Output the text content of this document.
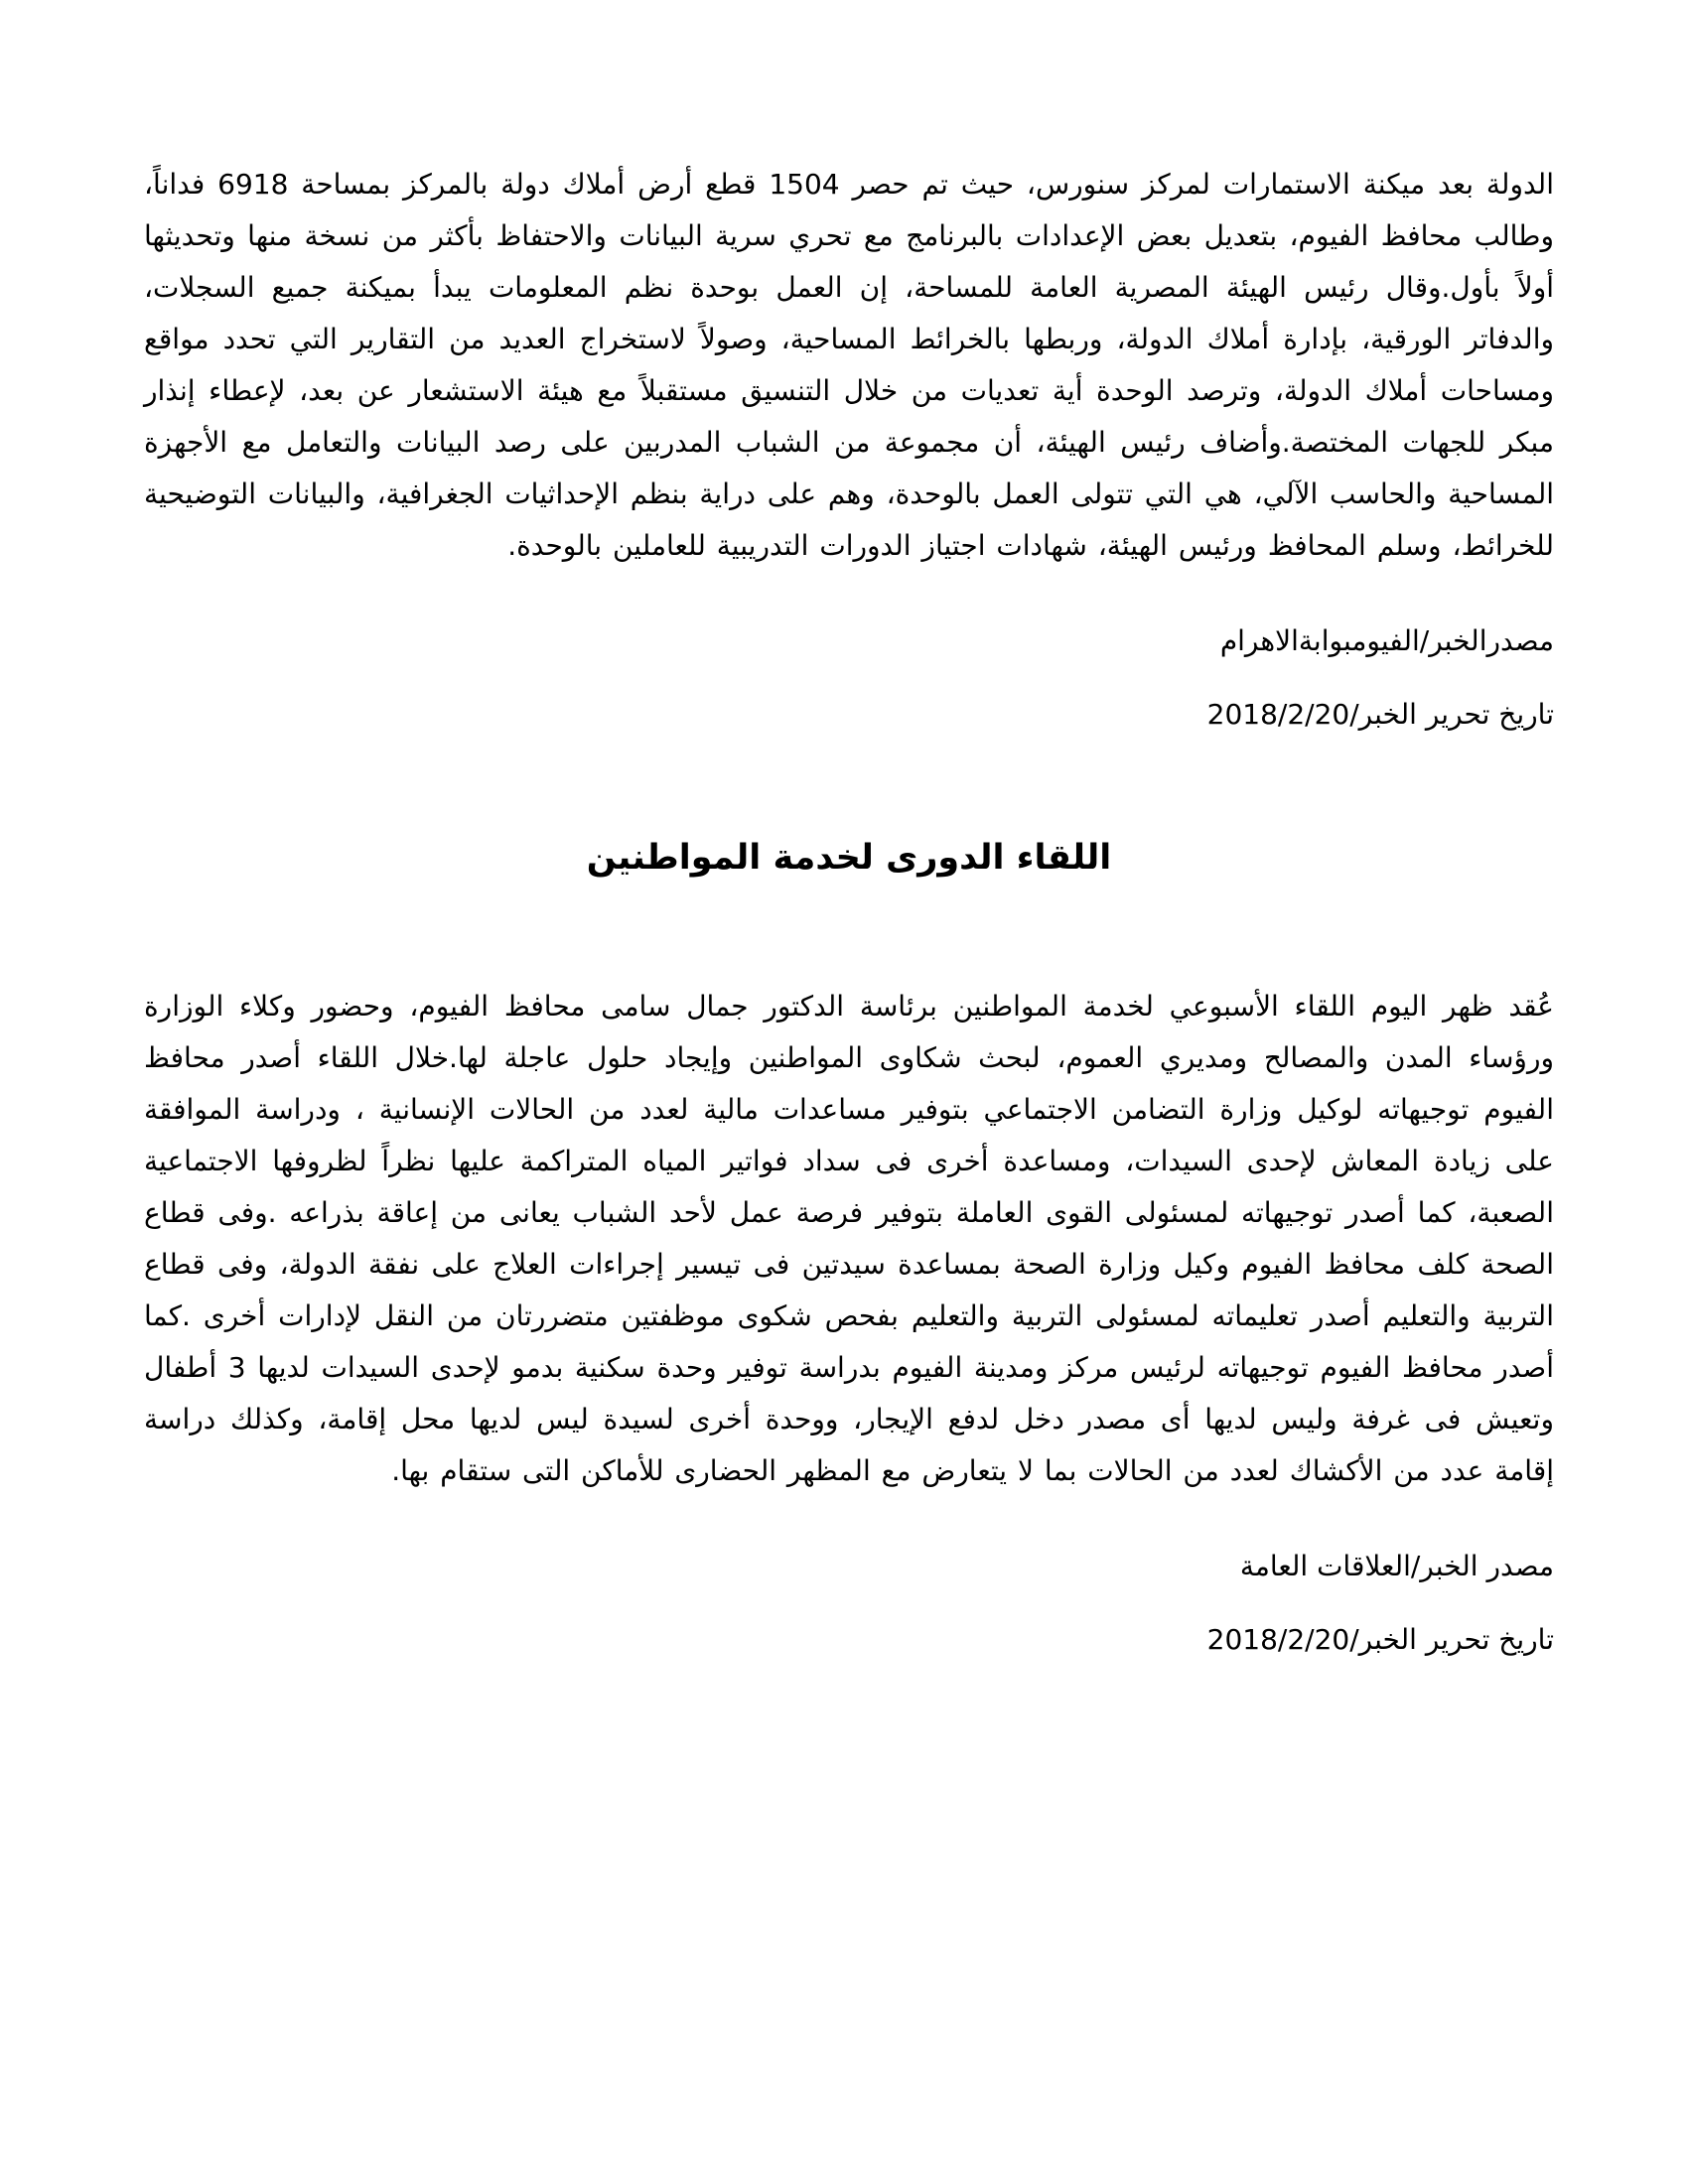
الدولة بعد ميكنة الاستمارات لمركز سنورس، حيث تم حصر 1504 قطع أرض أملاك دولة بالمركز بمساحة 6918 فداناً، وطالب محافظ الفيوم، بتعديل بعض الإعدادات بالبرنامج مع تحري سرية البيانات والاحتفاظ بأكثر من نسخة منها وتحديثها أولاً بأول.وقال رئيس الهيئة المصرية العامة للمساحة، إن العمل بوحدة نظم المعلومات يبدأ بميكنة جميع السجلات، والدفاتر الورقية، بإدارة أملاك الدولة، وربطها بالخرائط المساحية، وصولاً لاستخراج العديد من التقارير التي تحدد مواقع ومساحات أملاك الدولة، وترصد الوحدة أية تعديات من خلال التنسيق مستقبلاً مع هيئة الاستشعار عن بعد، لإعطاء إنذار مبكر للجهات المختصة.وأضاف رئيس الهيئة، أن مجموعة من الشباب المدربين على رصد البيانات والتعامل مع الأجهزة المساحية والحاسب الآلي، هي التي تتولى العمل بالوحدة، وهم على دراية بنظم الإحداثيات الجغرافية، والبيانات التوضيحية للخرائط، وسلم المحافظ ورئيس الهيئة، شهادات اجتياز الدورات التدريبية للعاملين بالوحدة.

مصدرالخبر/الفيومبوابةالاهرام

تاريخ تحرير الخبر/2018/2/20

اللقاء الدورى لخدمة المواطنين

عُقد ظهر اليوم اللقاء الأسبوعي لخدمة المواطنين برئاسة الدكتور جمال سامى محافظ الفيوم، وحضور وكلاء الوزارة ورؤساء المدن والمصالح ومديري العموم، لبحث شكاوى المواطنين وإيجاد حلول عاجلة لها.خلال اللقاء أصدر محافظ الفيوم توجيهاته لوكيل وزارة التضامن الاجتماعي بتوفير مساعدات مالية لعدد من الحالات الإنسانية ، ودراسة الموافقة على زيادة المعاش لإحدى السيدات، ومساعدة أخرى فى سداد فواتير المياه المتراكمة عليها نظراً لظروفها الاجتماعية الصعبة، كما أصدر توجيهاته لمسئولى القوى العاملة بتوفير فرصة عمل لأحد الشباب يعانى من إعاقة بذراعه .وفى قطاع الصحة كلف محافظ الفيوم وكيل وزارة الصحة بمساعدة سيدتين فى تيسير إجراءات العلاج على نفقة الدولة، وفى قطاع التربية والتعليم أصدر تعليماته لمسئولى التربية والتعليم بفحص شكوى موظفتين متضررتان من النقل لإدارات أخرى .كما أصدر محافظ الفيوم توجيهاته لرئيس مركز ومدينة الفيوم بدراسة توفير وحدة سكنية بدمو لإحدى السيدات لديها 3 أطفال وتعيش فى غرفة وليس لديها أى مصدر دخل لدفع الإيجار، ووحدة أخرى لسيدة ليس لديها محل إقامة، وكذلك دراسة إقامة عدد من الأكشاك لعدد من الحالات بما لا يتعارض مع المظهر الحضارى للأماكن التى ستقام بها.

مصدر الخبر/العلاقات العامة

تاريخ تحرير الخبر/2018/2/20
